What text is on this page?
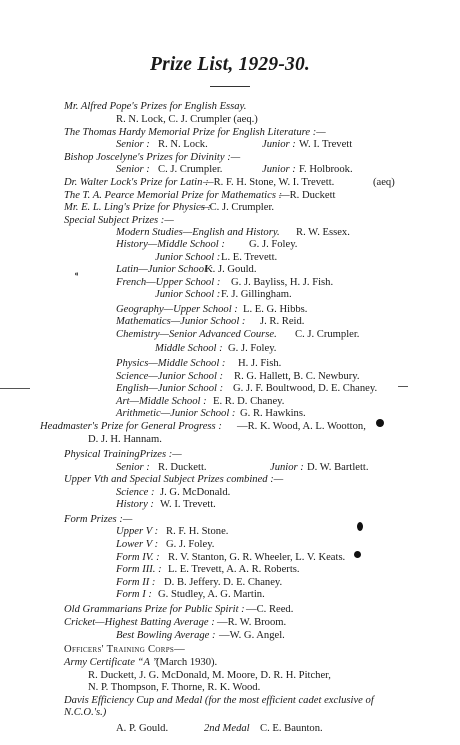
Prize List, 1929-30.
⁌
Mr. Alfred Pope's Prizes for English Essay.
R. N. Lock, C. J. Crumpler (aeq.)
The Thomas Hardy Memorial Prize for English Literature :—
Senior : R. N. Lock.	Junior : W. I. Trevett
Bishop Joscelyne's Prizes for Divinity :—
Senior : C. J. Crumpler.	Junior : F. Holbrook.
Dr. Walter Lock's Prize for Latin :
—R. F. H. Stone, W. I. Trevett.	(aeq)
The T. A. Pearce Memorial Prize for Mathematics :
—R. Duckett
Mr. E. L. Ling's Prize for Physics :
—C. J. Crumpler.
Special Subject Prizes :—
Modern Studies—English and History. R. W. Essex.
History—Middle School : G. J. Foley.
Junior School : L. E. Trevett.
Latin—Junior School :
K. J. Gould.
French—Upper School : G. J. Bayliss, H. J. Fish.
Junior School : F. J. Gillingham.
Geography—Upper School : L. E. G. Hibbs.
Mathematics—Junior School : J. R. Reid.
Chemistry—Senior Advanced Course. C. J. Crumpler.
Middle School : G. J. Foley.
Physics—Middle School : H. J. Fish.
Science—Junior School : R. G. Hallett, B. C. Newbury.
English—Junior School : G. J. F. Boultwood, D. E. Chaney.
Art—Middle School : E. R. D. Chaney.
Arithmetic—Junior School : G. R. Hawkins.
Headmaster's Prize for General Progress : —R. K. Wood, A. L. Wootton,
D. J. H. Hannam.
Physical TrainingPrizes :—
Senior : R. Duckett.	Junior : D. W. Bartlett.
Upper Vth and Special Subject Prizes combined :—
Science : J. G. McDonald.
History : W. I. Trevett.
Form Prizes :—
Upper V : R. F. H. Stone.
Lower V : G. J. Foley.
Form IV. : R. V. Stanton, G. R. Wheeler, L. V. Keats.
Form III. : L. E. Trevett, A. A. R. Roberts.
Form II : D. B. Jeffery. D. E. Chaney.
Form I : G. Studley, A. G. Martin.
Old Grammarians Prize for Public Spirit : —C. Reed.
Cricket—Highest Batting Average : —R. W. Broom.
Best Bowling Average : —W. G. Angel.
Officers' Training Corps—
Army Certificate “A ”
(March 1930).
R. Duckett, J. G. McDonald, M. Moore, D. R. H. Pitcher,
N. P. Thompson, F. Thorne, R. K. Wood.
Davis Efficiency Cup and Medal (for the most efficient cadet exclusive of
N.C.O.'s.)
A. P. Gould.	2nd Medal C. E. Baunton.
